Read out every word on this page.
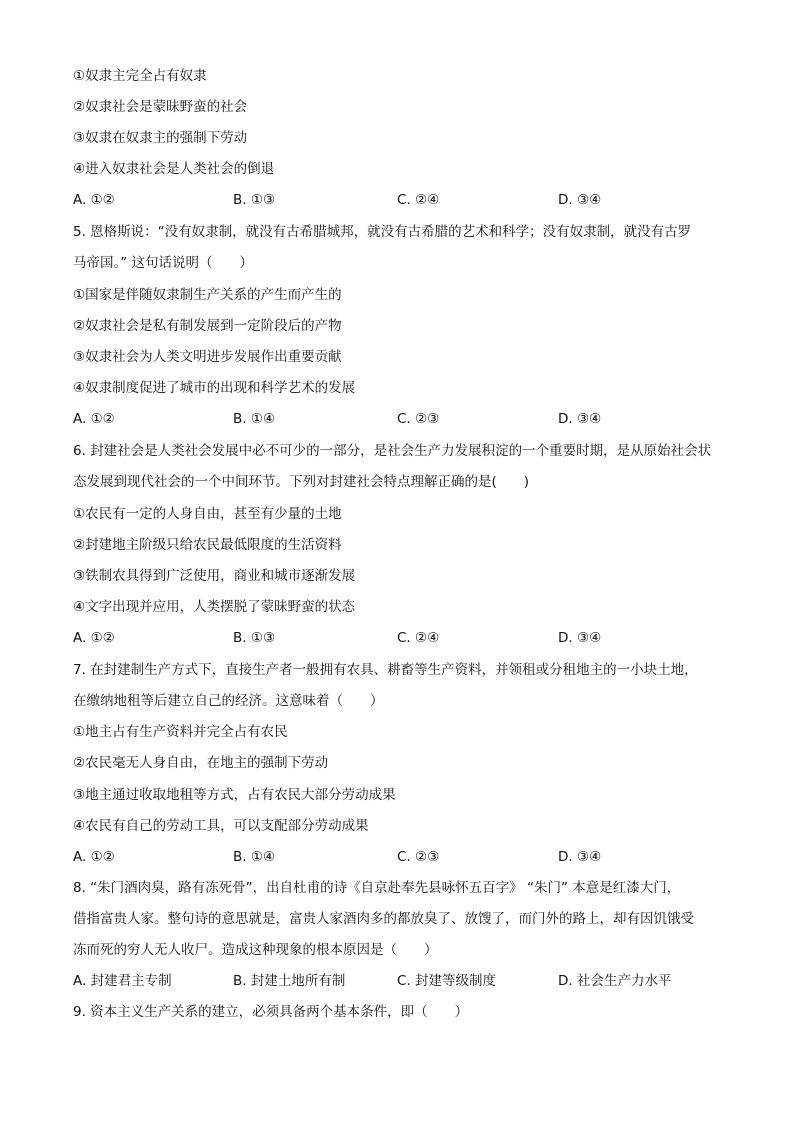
①奴隶主完全占有奴隶
②奴隶社会是蒙昧野蛮的社会
③奴隶在奴隶主的强制下劳动
④进入奴隶社会是人类社会的倒退
A. ①②	B. ①③	C. ②④	D. ③④
5. 恩格斯说：“没有奴隶制，就没有古希腊城邦，就没有古希腊的艺术和科学；没有奴隶制，就没有古罗
马帝国。” 这句话说明（　　）
①国家是伴随奴隶制生产关系的产生而产生的
②奴隶社会是私有制发展到一定阶段后的产物
③奴隶社会为人类文明进步发展作出重要贡献
④奴隶制度促进了城市的出现和科学艺术的发展
A. ①②	B. ①④	C. ②③	D. ③④
6. 封建社会是人类社会发展中必不可少的一部分，是社会生产力发展积淀的一个重要时期，是从原始社会状
态发展到现代社会的一个中间环节。下列对封建社会特点理解正确的是(　　)
①农民有一定的人身自由，甚至有少量的土地
②封建地主阶级只给农民最低限度的生活资料
③铁制农具得到广泛使用，商业和城市逐渐发展
④文字出现并应用，人类摆脱了蒙昧野蛮的状态
A. ①②	B. ①③	C. ②④	D. ③④
7. 在封建制生产方式下，直接生产者一般拥有农具、耕畜等生产资料，并领租或分租地主的一小块土地，
在缴纳地租等后建立自己的经济。这意味着（　　）
①地主占有生产资料并完全占有农民
②农民毫无人身自由，在地主的强制下劳动
③地主通过收取地租等方式，占有农民大部分劳动成果
④农民有自己的劳动工具，可以支配部分劳动成果
A. ①②	B. ①④	C. ②③	D. ③④
8. “朱门酒肉臭，路有冻死骨”，出自杜甫的诗《自京赴奉先县咏怀五百字》 “朱门” 本意是红漆大门，
借指富贵人家。整句诗的意思就是，富贵人家酒肉多的都放臭了、放馊了，而门外的路上，却有因饥饿受
冻而死的穷人无人收尸。造成这种现象的根本原因是（　　）
A. 封建君主专制	B. 封建土地所有制	C. 封建等级制度	D. 社会生产力水平
9. 资本主义生产关系的建立，必须具备两个基本条件，即（　　）
